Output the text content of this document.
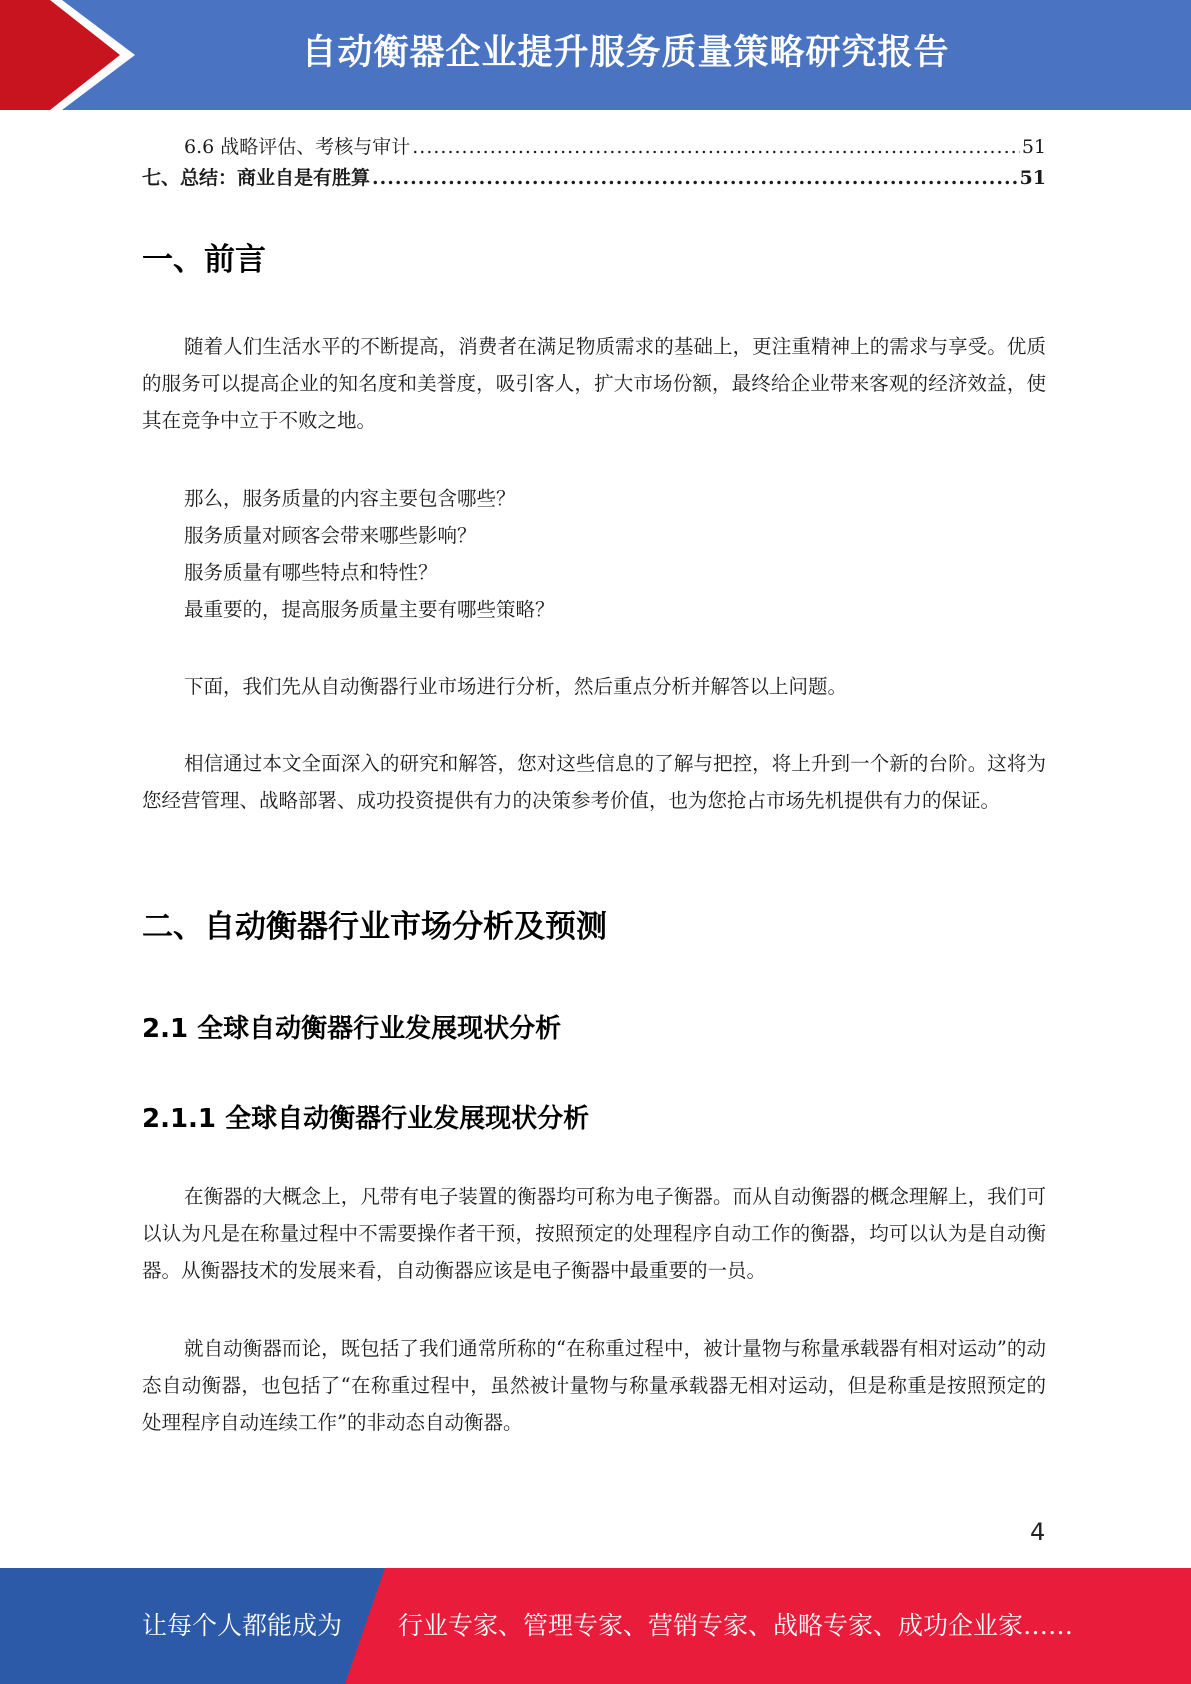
自动衡器企业提升服务质量策略研究报告
6.6 战略评估、考核与审计 .....	51
七、总结：商业自是有胜算 .....	51
一、前言

随着人们生活水平的不断提高，消费者在满足物质需求的基础上，更注重精神上的需求与享受。优质的服务可以提高企业的知名度和美誉度，吸引客人，扩大市场份额，最终给企业带来客观的经济效益，使其在竞争中立于不败之地。

那么，服务质量的内容主要包含哪些？

服务质量对顾客会带来哪些影响？

服务质量有哪些特点和特性？

最重要的，提高服务质量主要有哪些策略？

下面，我们先从自动衡器行业市场进行分析，然后重点分析并解答以上问题。

相信通过本文全面深入的研究和解答，您对这些信息的了解与把控，将上升到一个新的台阶。这将为您经营管理、战略部署、成功投资提供有力的决策参考价值，也为您抢占市场先机提供有力的保证。

二、自动衡器行业市场分析及预测
2.1 全球自动衡器行业发展现状分析
2.1.1 全球自动衡器行业发展现状分析

在衡器的大概念上，凡带有电子装置的衡器均可称为电子衡器。而从自动衡器的概念理解上，我们可以认为凡是在称量过程中不需要操作者干预，按照预定的处理程序自动工作的衡器，均可以认为是自动衡器。从衡器技术的发展来看，自动衡器应该是电子衡器中最重要的一员。

就自动衡器而论，既包括了我们通常所称的“在称重过程中，被计量物与称量承载器有相对运动”的动态自动衡器，也包括了“在称重过程中，虽然被计量物与称量承载器无相对运动，但是称重是按照预定的处理程序自动连续工作”的非动态自动衡器。

4
让每个人都能成为 行业专家、管理专家、营销专家、战略专家、成功企业家……
